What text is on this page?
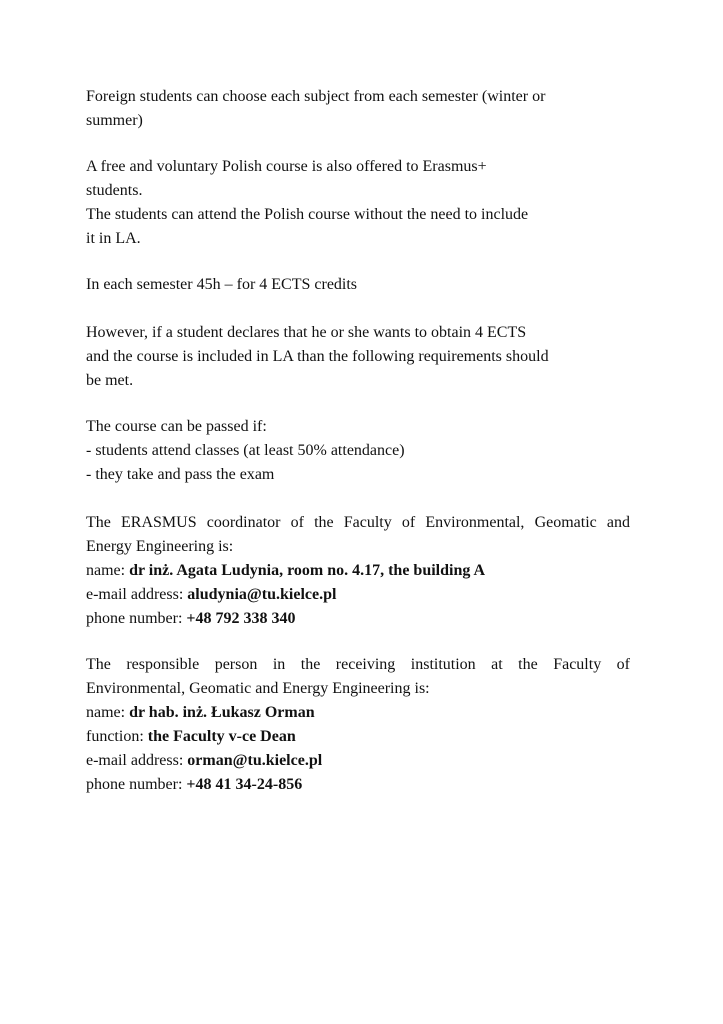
Foreign students can choose each subject from each semester (winter or
summer)
A free and voluntary Polish course is also offered to Erasmus+
students.
The students can attend the Polish course without the need to include
it in LA.
In each semester 45h – for 4 ECTS credits
However, if a student declares that he or she wants to obtain 4 ECTS
and the course is included in LA than the following requirements should
be met.
The course can be passed if:
- students attend classes (at least 50% attendance)
- they take and pass the exam
The ERASMUS coordinator of the Faculty of Environmental, Geomatic and
Energy Engineering is:
name: dr inż. Agata Ludynia, room no. 4.17, the building A
e-mail address: aludynia@tu.kielce.pl
phone number: +48 792 338 340
The responsible person in the receiving institution at the Faculty of
Environmental, Geomatic and Energy Engineering is:
name: dr hab. inż. Łukasz Orman
function: the Faculty v-ce Dean
e-mail address: orman@tu.kielce.pl
phone number: +48 41 34-24-856
